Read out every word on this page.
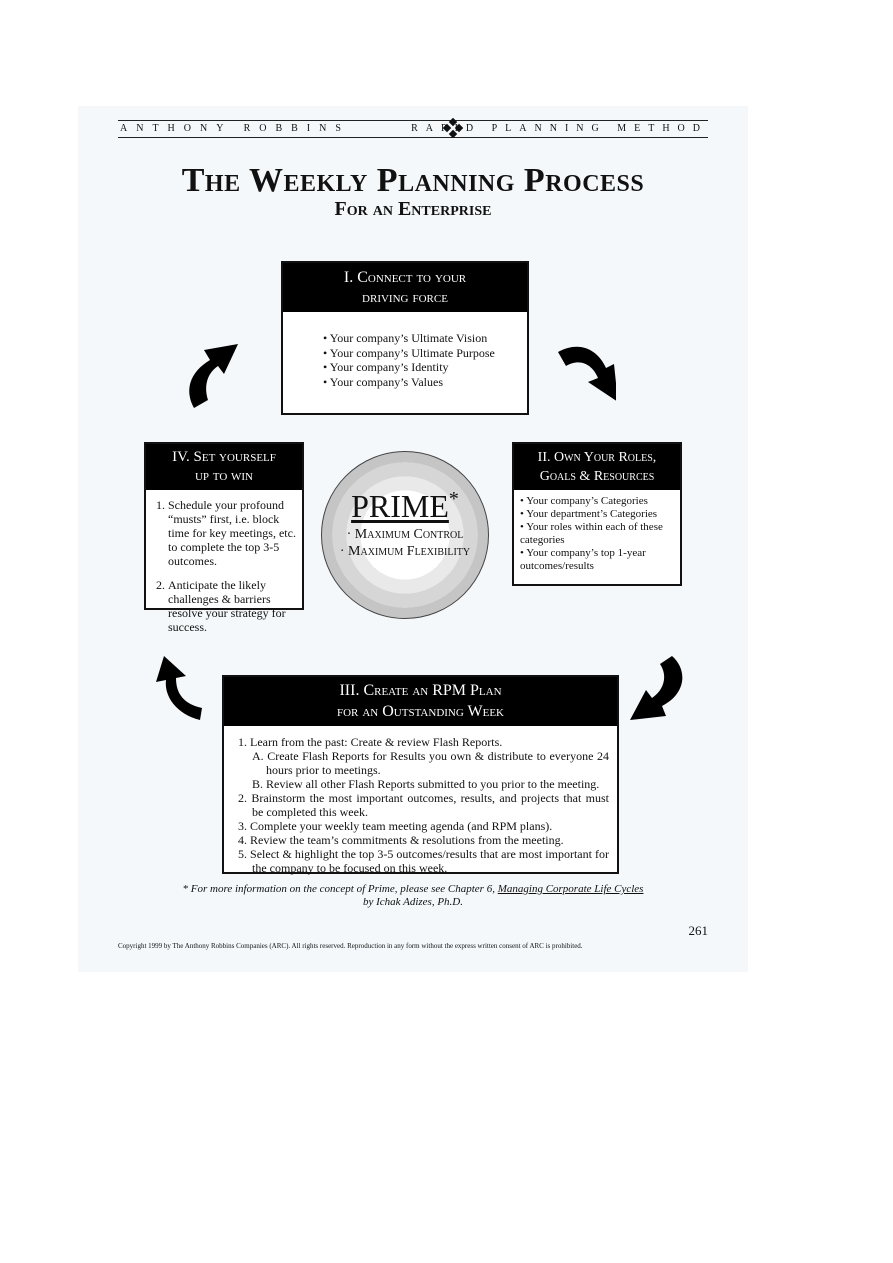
ANTHONY ROBBINS	RAPID PLANNING METHOD
The Weekly Planning Process
For an Enterprise
I. Connect to your
driving force
• Your company’s Ultimate Vision
• Your company’s Ultimate Purpose
• Your company’s Identity
• Your company’s Values
II. Own Your Roles,
Goals & Resources
• Your company’s Categories
• Your department’s Categories
• Your roles within each of these categories
• Your company’s top 1-year outcomes/results
IV. Set yourself
up to win
1. Schedule your profound “musts” first, i.e. block time for key meetings, etc. to complete the top 3-5 outcomes.
2. Anticipate the likely challenges & barriers resolve your strategy for success.
PRIME*
· Maximum Control
· Maximum Flexibility
III. Create an RPM Plan
for an Outstanding Week
1. Learn from the past: Create & review Flash Reports.
A. Create Flash Reports for Results you own & distribute to everyone 24 hours prior to meetings.
B. Review all other Flash Reports submitted to you prior to the meeting.
2. Brainstorm the most important outcomes, results, and projects that must be completed this week.
3. Complete your weekly team meeting agenda (and RPM plans).
4. Review the team’s commitments & resolutions from the meeting.
5. Select & highlight the top 3-5 outcomes/results that are most important for the company to be focused on this week.
* For more information on the concept of Prime, please see Chapter 6, Managing Corporate Life Cycles
by Ichak Adizes, Ph.D.
261
Copyright 1999 by The Anthony Robbins Companies (ARC). All rights reserved. Reproduction in any form without the express written consent of ARC is prohibited.
